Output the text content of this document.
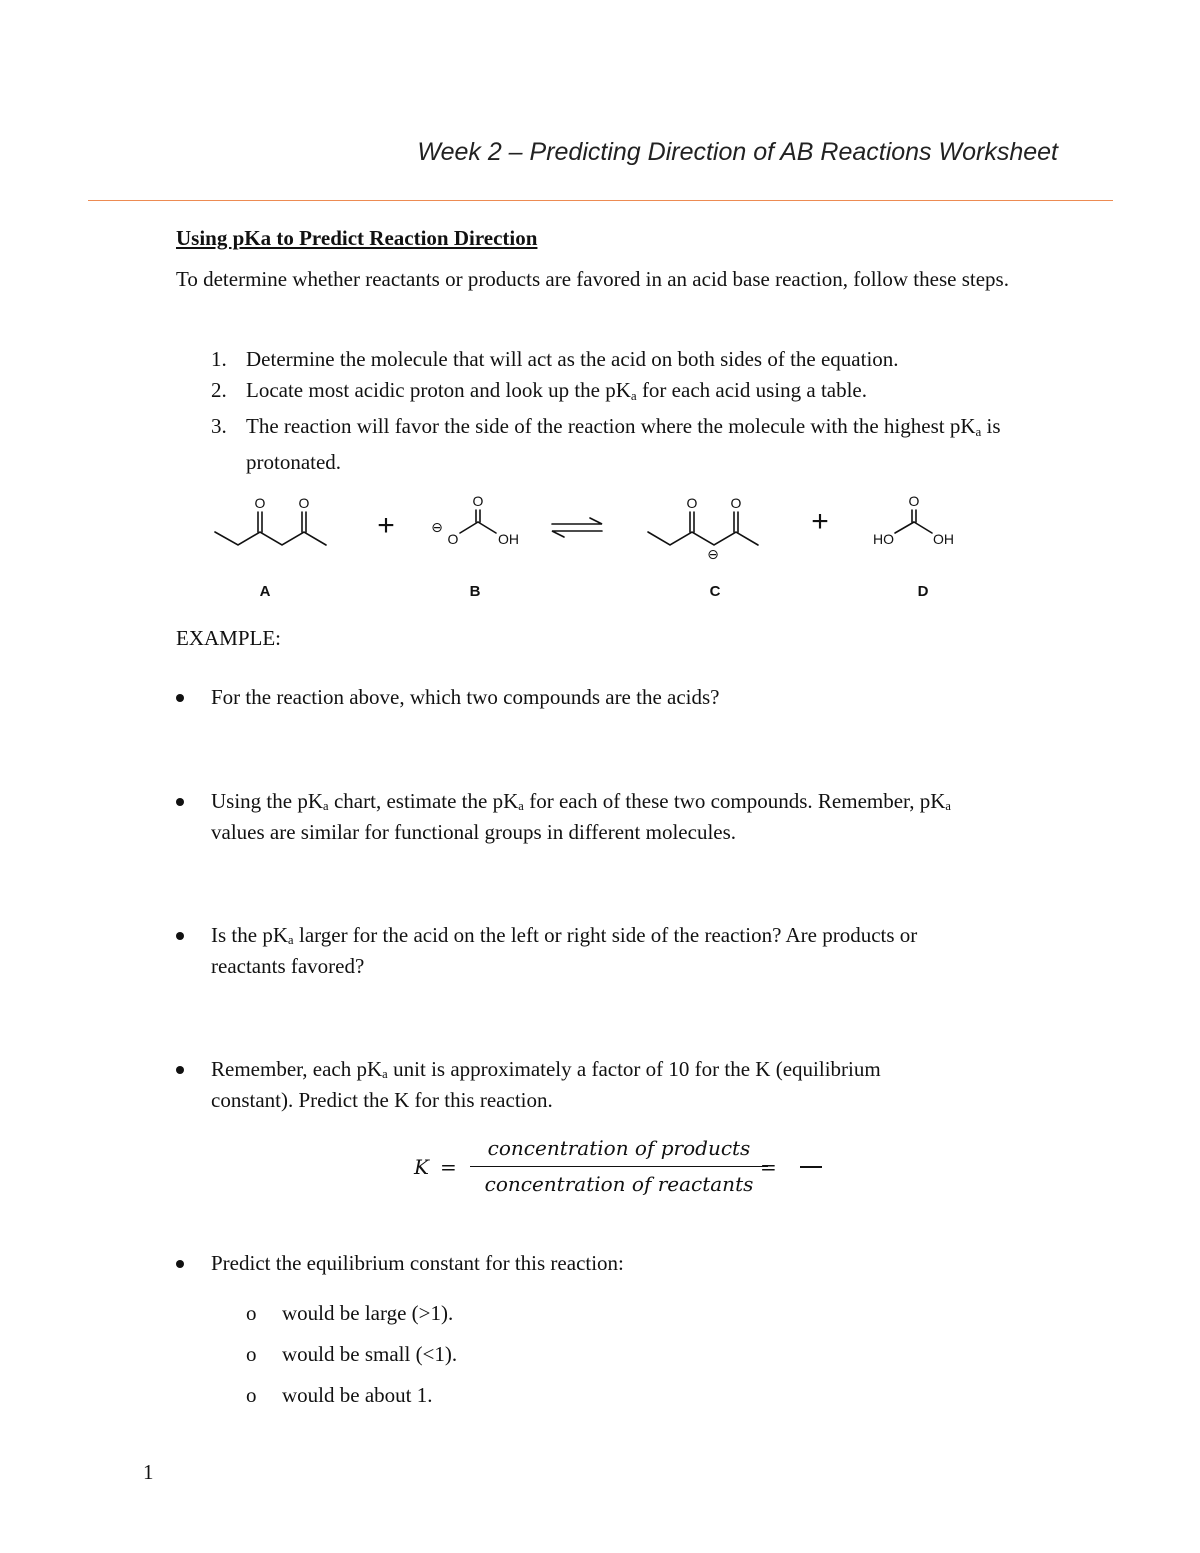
Week 2 – Predicting Direction of AB Reactions Worksheet
Using pKa to Predict Reaction Direction
To determine whether reactants or products are favored in an acid base reaction, follow these steps.
1. Determine the molecule that will act as the acid on both sides of the equation.
2. Locate most acidic proton and look up the $pK_a$ for each acid using a table.
3. The reaction will favor the side of the reaction where the molecule with the highest $pK_a$ is protonated.
O O	O
⊖
O	OH
O O
⊖
O
HO	OH
+	+
A	B	C	D
EXAMPLE:
For the reaction above, which two compounds are the acids?
Using the pKₐ chart, estimate the pKₐ for each of these two compounds. Remember, pKₐ
values are similar for functional groups in different molecules.
Is the pKₐ larger for the acid on the left or right side of the reaction? Are products or
reactants favored?
Remember, each pKₐ unit is approximately a factor of 10 for the K (equilibrium
constant). Predict the K for this reaction.
K =
concentration of products
concentration of reactants
=
Predict the equilibrium constant for this reaction:
o would be large (>1).
o would be small (<1).
o would be about 1.
1
